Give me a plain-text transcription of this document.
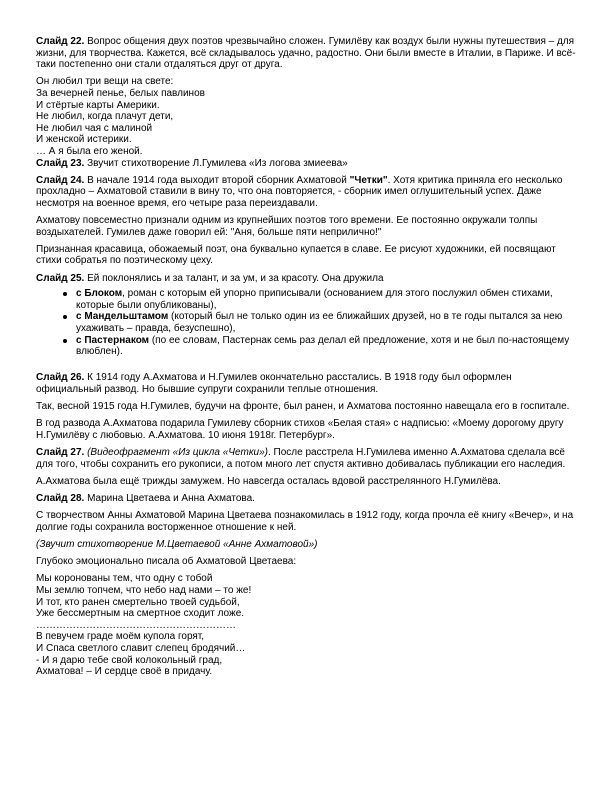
Слайд 22. Вопрос общения двух поэтов чрезвычайно сложен. Гумилёву как воздух были нужны путешествия – для жизни, для творчества. Кажется, всё складывалось удачно, радостно. Они были вместе в Италии, в Париже. И всё-таки постепенно они стали отдаляться друг от друга.

Он любил три вещи на свете:
За вечерней пенье, белых павлинов
И стёртые карты Америки.
Не любил, когда плачут дети,
Не любил чая с малиной
И женской истерики.
… А я была его женой.

Слайд 23. Звучит стихотворение Л.Гумилева «Из логова змиеева»

Слайд 24. В начале 1914 года выходит второй сборник Ахматовой "Четки". Хотя критика приняла его несколько прохладно – Ахматовой ставили в вину то, что она повторяется, - сборник имел оглушительный успех. Даже несмотря на военное время, его четыре раза переиздавали.

Ахматову повсеместно признали одним из крупнейших поэтов того времени. Ее постоянно окружали толпы воздыхателей. Гумилев даже говорил ей: "Аня, больше пяти неприлично!"

Признанная красавица, обожаемый поэт, она буквально купается в славе. Ее рисуют художники, ей посвящают стихи собратья по поэтическому цеху.

Слайд 25. Ей поклонялись и за талант, и за ум, и за красоту. Она дружила

с Блоком, роман с которым ей упорно приписывали (основанием для этого послужил обмен стихами, которые были опубликованы),
с Мандельштамом (который был не только один из ее ближайших друзей, но в те годы пытался за нею ухаживать – правда, безуспешно),
с Пастернаком (по ее словам, Пастернак семь раз делал ей предложение, хотя и не был по-настоящему влюблен).

Слайд 26. К 1914 году А.Ахматова и Н.Гумилев окончательно расстались. В 1918 году был оформлен официальный развод. Но бывшие супруги сохранили теплые отношения.

Так, весной 1915 года Н.Гумилев, будучи на фронте, был ранен, и Ахматова постоянно навещала его в госпитале.

В год развода А.Ахматова подарила Гумилеву сборник стихов «Белая стая» с надписью: «Моему дорогому другу Н.Гумилёву с любовью. А.Ахматова. 10 июня 1918г. Петербург».

Слайд 27. (Видеофрагмент «Из цикла «Четки»). После расстрела Н.Гумилева именно А.Ахматова сделала всё для того, чтобы сохранить его рукописи, а потом много лет спустя активно добивалась публикации его наследия.

А.Ахматова была ещё трижды замужем. Но навсегда осталась вдовой расстрелянного Н.Гумилёва.

Слайд 28. Марина Цветаева и Анна Ахматова.

С творчеством Анны Ахматовой Марина Цветаева познакомилась в 1912 году, когда прочла её книгу «Вечер», и на долгие годы сохранила восторженное отношение к ней.

(Звучит стихотворение М.Цветаевой «Анне Ахматовой»)

Глубоко эмоционально писала об Ахматовой Цветаева:

Мы коронованы тем, что одну с тобой
Мы землю топчем, что небо над нами – то же!
И тот, кто ранен смертельно твоей судьбой,
Уже бессмертным на смертное сходит ложе.
……………………………………………………
В певучем граде моём купола горят,
И Спаса светлого славит слепец бродячий…
- И я дарю тебе свой колокольный град,
Ахматова! – И сердце своё в придачу.
